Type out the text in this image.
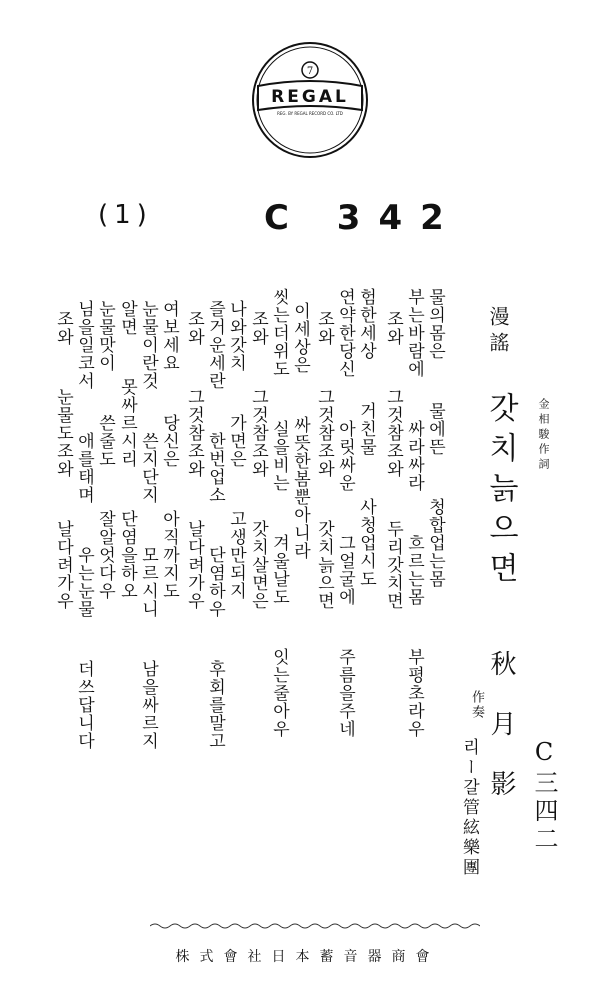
7
REGAL
REG. BY REGAL RECORD CO. LTD
(1)	C 342
金相駿作詞
漫謠
갓치늙으면
秋月影
作奏
리ー갈管絃樂團 C三四二
물의몸은  물에뜬  청합업는몸
부는바람에  싸라싸라  흐르는몸  부평초라우
조와  그것참조와  두리갓치면
험한세상  거친물  사청업시도
연약한당신  아릿싸운  그얼굴에  주름을주네
조와  그것참조와  갓치늙으면
이세상은  싸뜻한봄뿐아니라
씻는더위도  실을비는  겨울날도  잇는줄아우
조와  그것참조와  갓치살면은
나와갓치  가면은  고생만되지
즐거운세란  한번업소  단염하우  후회를말고
조와  그것참조와  날다려가우
여보세요  당신은  아직까지도
눈물이란것  쓴지단지  모르시니  남을싸르지
알면  못싸르시리  단염을하오
눈물맛이  쓴줄도  잘알엇다우
님을일코서  애를태며  우는눈물  더쓰답니다
조와  눈물도조와  날다려가우
株式會社日本蓄音器商會
